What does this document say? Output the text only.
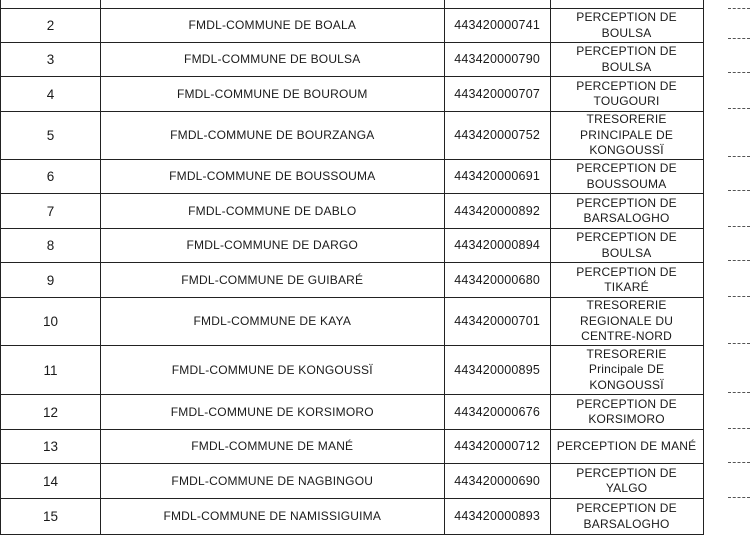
2	FMDL-COMMUNE DE BOALA	443420000741	PERCEPTION DE
BOULSA	
3	FMDL-COMMUNE DE BOULSA	443420000790	PERCEPTION DE
BOULSA	
4	FMDL-COMMUNE DE BOUROUM	443420000707	PERCEPTION DE
TOUGOURI	
5	FMDL-COMMUNE DE BOURZANGA	443420000752	TRESORERIE
PRINCIPALE DE
KONGOUSSÏ	
6	FMDL-COMMUNE DE BOUSSOUMA	443420000691	PERCEPTION DE
BOUSSOUMA	
7	FMDL-COMMUNE DE DABLO	443420000892	PERCEPTION DE
BARSALOGHO	
8	FMDL-COMMUNE DE DARGO	443420000894	PERCEPTION DE
BOULSA	
9	FMDL-COMMUNE DE GUIBARÉ	443420000680	PERCEPTION DE
TIKARÉ	
10	FMDL-COMMUNE DE KAYA	443420000701	TRESORERIE
REGIONALE DU
CENTRE-NORD	
11	FMDL-COMMUNE DE KONGOUSSÏ	443420000895	TRESORERIE
Principale DE
KONGOUSSÏ	
12	FMDL-COMMUNE DE KORSIMORO	443420000676	PERCEPTION DE
KORSIMORO	
13	FMDL-COMMUNE DE MANÉ	443420000712	PERCEPTION DE MANÉ	
14	FMDL-COMMUNE DE NAGBINGOU	443420000690	PERCEPTION DE
YALGO	
15	FMDL-COMMUNE DE NAMISSIGUIMA	443420000893	PERCEPTION DE
BARSALOGHO	
